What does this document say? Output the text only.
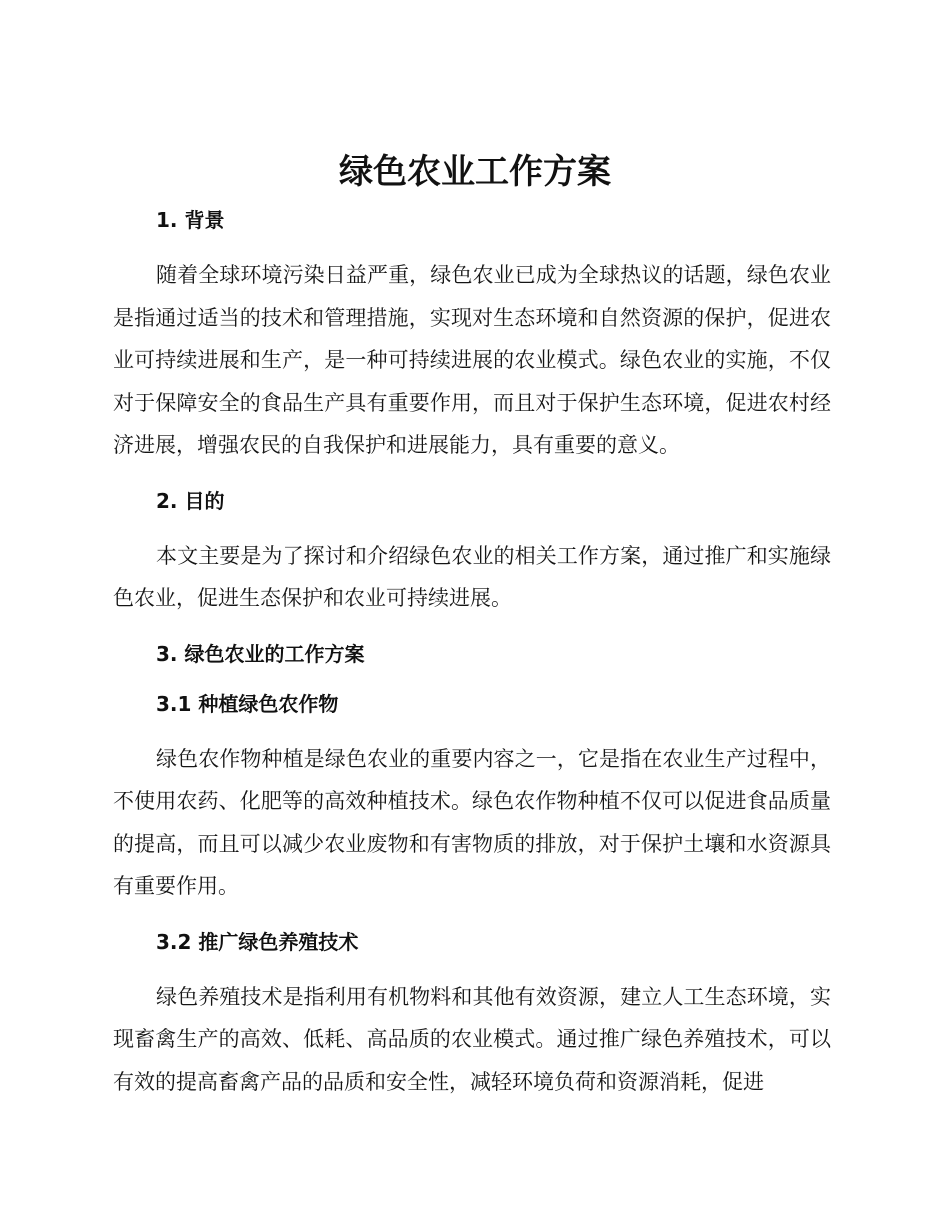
绿色农业工作方案
1. 背景

随着全球环境污染日益严重，绿色农业已成为全球热议的话题，绿色农业是指通过适当的技术和管理措施，实现对生态环境和自然资源的保护，促进农业可持续进展和生产，是一种可持续进展的农业模式。绿色农业的实施，不仅对于保障安全的食品生产具有重要作用，而且对于保护生态环境，促进农村经济进展，增强农民的自我保护和进展能力，具有重要的意义。

2. 目的

本文主要是为了探讨和介绍绿色农业的相关工作方案，通过推广和实施绿色农业，促进生态保护和农业可持续进展。

3. 绿色农业的工作方案
3.1 种植绿色农作物

绿色农作物种植是绿色农业的重要内容之一，它是指在农业生产过程中，不使用农药、化肥等的高效种植技术。绿色农作物种植不仅可以促进食品质量的提高，而且可以减少农业废物和有害物质的排放，对于保护土壤和水资源具有重要作用。

3.2 推广绿色养殖技术

绿色养殖技术是指利用有机物料和其他有效资源，建立人工生态环境，实现畜禽生产的高效、低耗、高品质的农业模式。通过推广绿色养殖技术，可以有效的提高畜禽产品的品质和安全性，减轻环境负荷和资源消耗，促进
